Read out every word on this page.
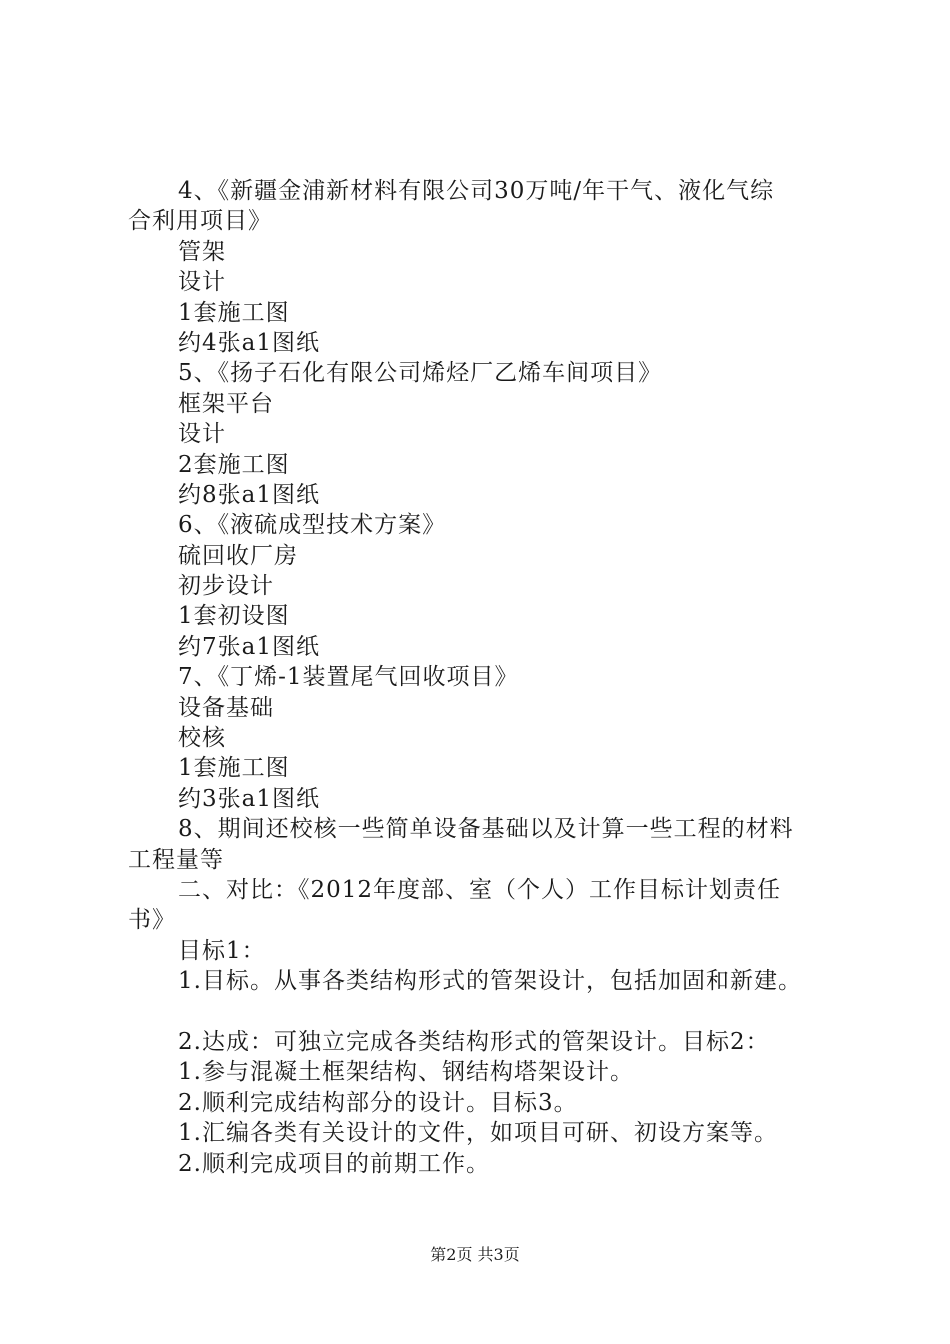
4、《新疆金浦新材料有限公司30万吨/年干气、液化气综
合利用项目》
管架
设计
1套施工图
约4张a1图纸
5、《扬子石化有限公司烯烃厂乙烯车间项目》
框架平台
设计
2套施工图
约8张a1图纸
6、《液硫成型技术方案》
硫回收厂房
初步设计
1套初设图
约7张a1图纸
7、《丁烯-1装置尾气回收项目》
设备基础
校核
1套施工图
约3张a1图纸
8、期间还校核一些简单设备基础以及计算一些工程的材料
工程量等
二、对比：《2012年度部、室（个人）工作目标计划责任
书》
目标1：
1.目标。从事各类结构形式的管架设计，包括加固和新建。
2.达成：可独立完成各类结构形式的管架设计。目标2：
1.参与混凝土框架结构、钢结构塔架设计。
2.顺利完成结构部分的设计。目标3。
1.汇编各类有关设计的文件，如项目可研、初设方案等。
2.顺利完成项目的前期工作。
第2页 共3页
